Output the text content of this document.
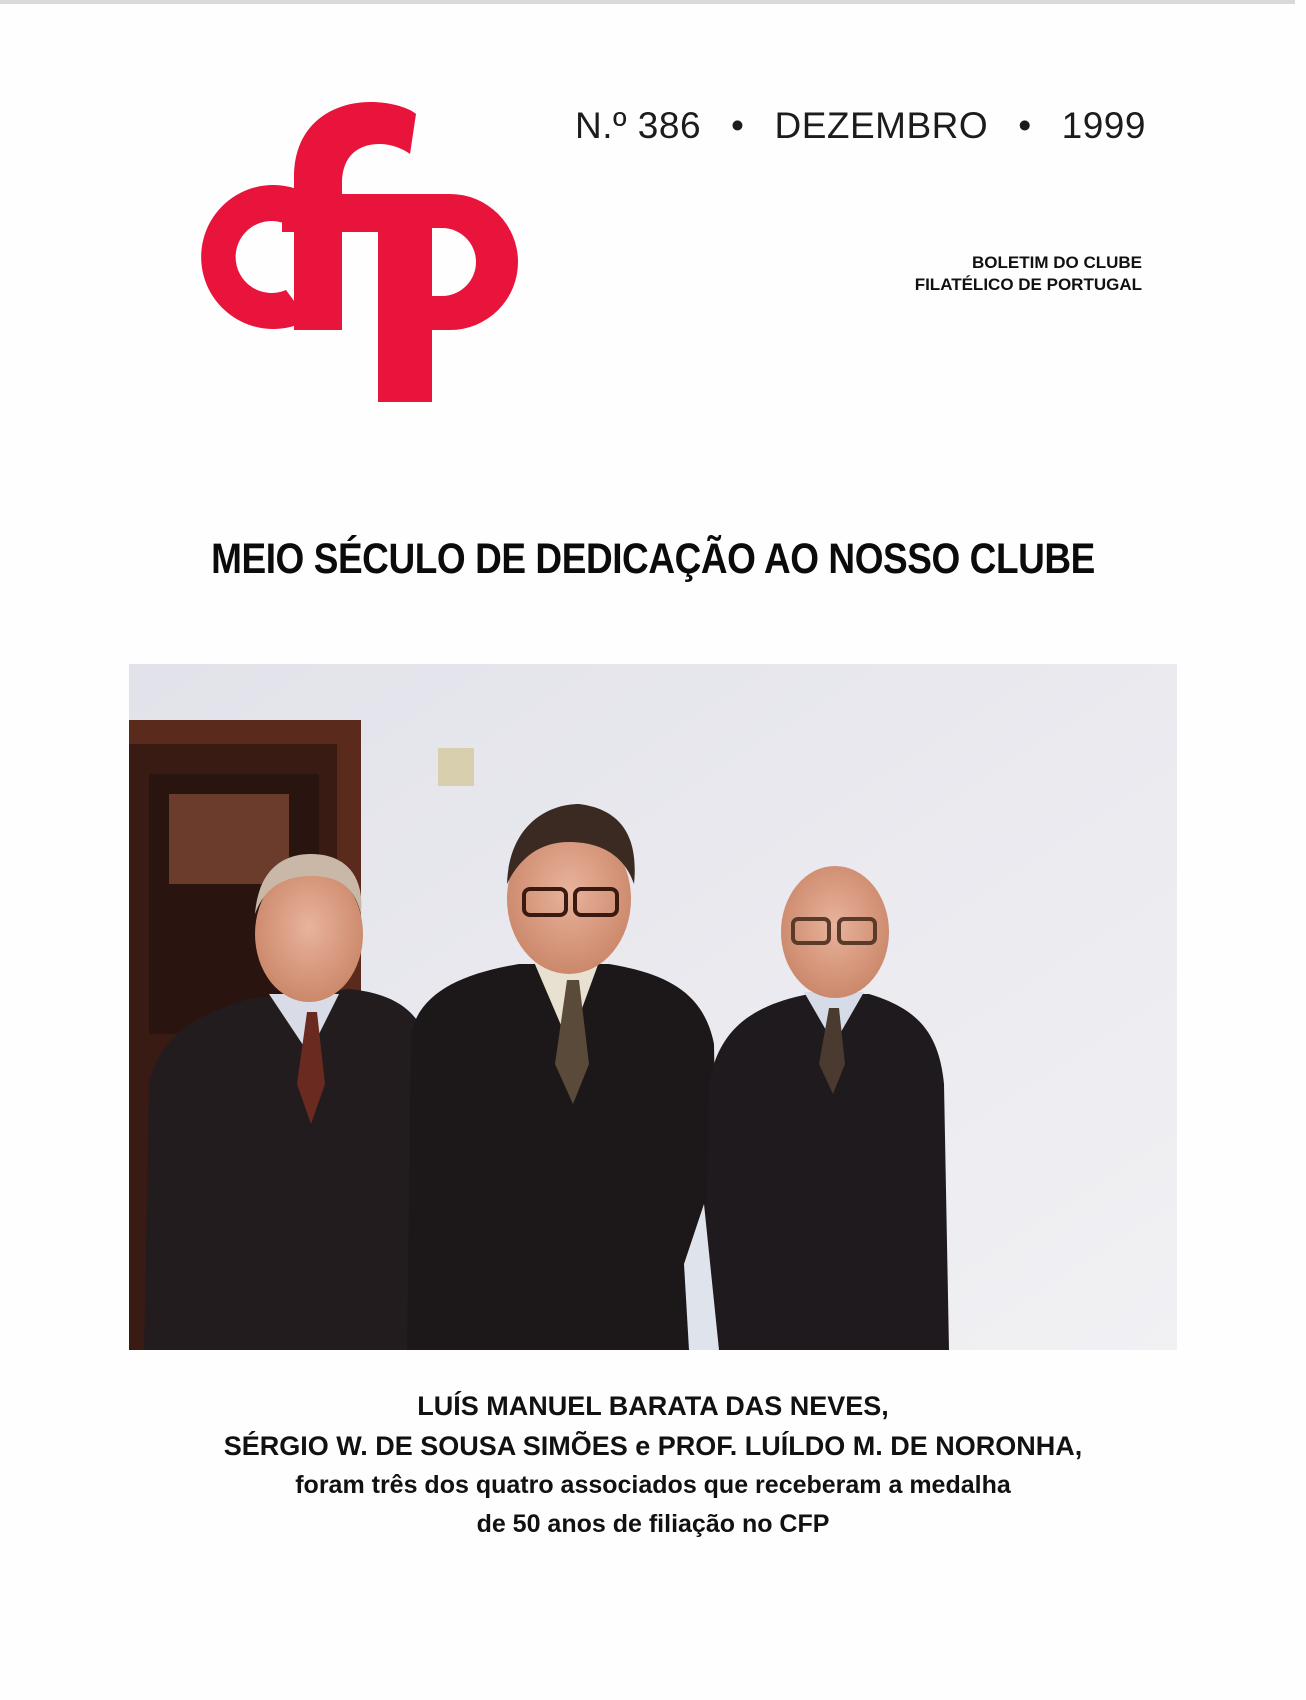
N.º 386 • DEZEMBRO • 1999
BOLETIM DO CLUBE
FILATÉLICO DE PORTUGAL
MEIO SÉCULO DE DEDICAÇÃO AO NOSSO CLUBE
LUÍS MANUEL BARATA DAS NEVES,
SÉRGIO W. DE SOUSA SIMÕES e PROF. LUÍLDO M. DE NORONHA,
foram três dos quatro associados que receberam a medalha
de 50 anos de filiação no CFP
